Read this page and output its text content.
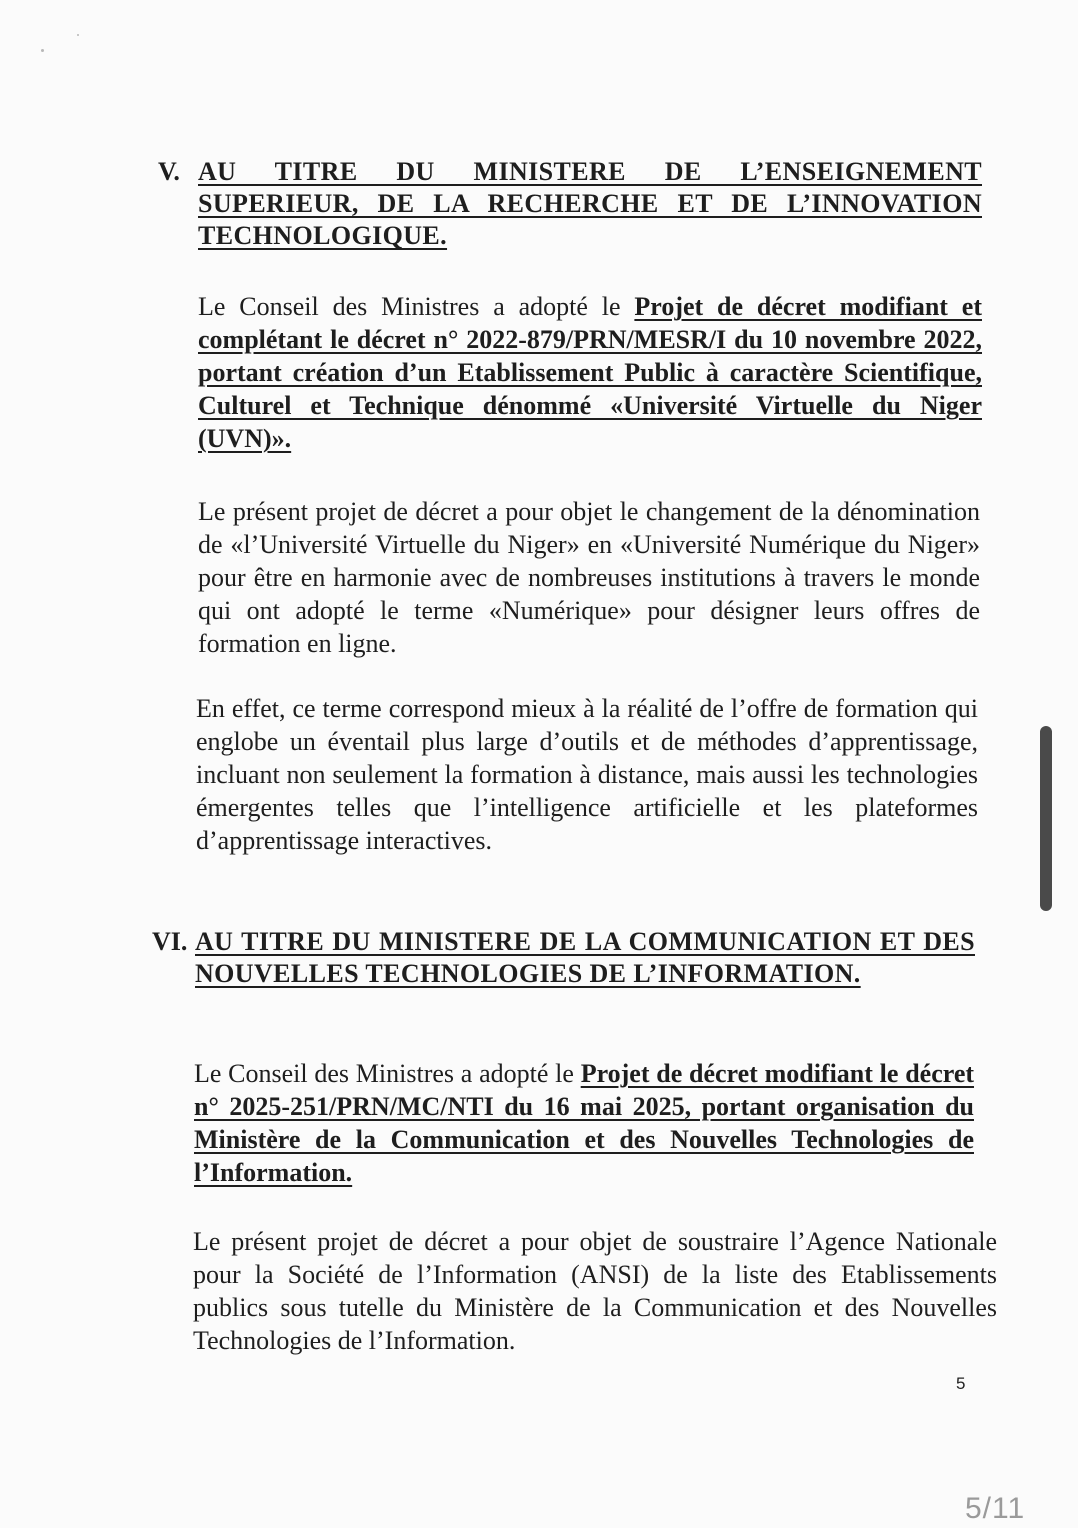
V. AU TITRE DU MINISTERE DE L’ENSEIGNEMENT SUPERIEUR, DE LA RECHERCHE ET DE L’INNOVATION TECHNOLOGIQUE.

Le Conseil des Ministres a adopté le Projet de décret modifiant et complétant le décret n° 2022-879/PRN/MESR/I du 10 novembre 2022, portant création d’un Etablissement Public à caractère Scientifique, Culturel et Technique dénommé «Université Virtuelle du Niger (UVN)».

Le présent projet de décret a pour objet le changement de la dénomination de «l’Université Virtuelle du Niger» en «Université Numérique du Niger» pour être en harmonie avec de nombreuses institutions à travers le monde qui ont adopté le terme «Numérique» pour désigner leurs offres de formation en ligne.

En effet, ce terme correspond mieux à la réalité de l’offre de formation qui englobe un éventail plus large d’outils et de méthodes d’apprentissage, incluant non seulement la formation à distance, mais aussi les technologies émergentes telles que l’intelligence artificielle et les plateformes d’apprentissage interactives.

VI. AU TITRE DU MINISTERE DE LA COMMUNICATION ET DES NOUVELLES TECHNOLOGIES DE L’INFORMATION.

Le Conseil des Ministres a adopté le Projet de décret modifiant le décret n° 2025-251/PRN/MC/NTI du 16 mai 2025, portant organisation du Ministère de la Communication et des Nouvelles Technologies de l’Information.

Le présent projet de décret a pour objet de soustraire l’Agence Nationale pour la Société de l’Information (ANSI) de la liste des Etablissements publics sous tutelle du Ministère de la Communication et des Nouvelles Technologies de l’Information.

5
5/11
